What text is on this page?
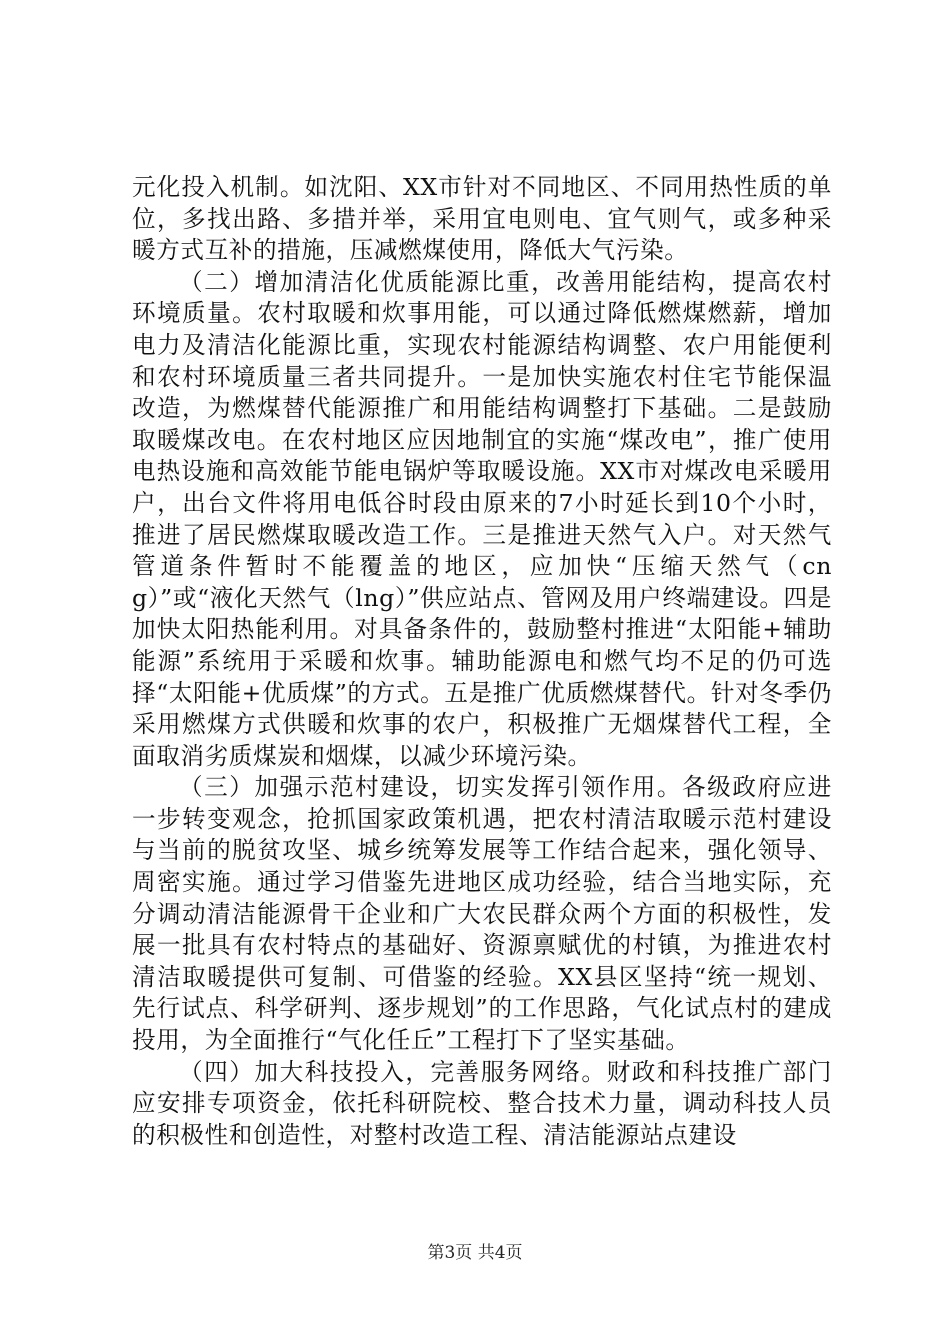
元化投入机制。如沈阳、XX市针对不同地区、不同用热性质的单位，多找出路、多措并举，采用宜电则电、宜气则气，或多种采暖方式互补的措施，压减燃煤使用，降低大气污染。

（二）增加清洁化优质能源比重，改善用能结构，提高农村环境质量。农村取暖和炊事用能，可以通过降低燃煤燃薪，增加电力及清洁化能源比重，实现农村能源结构调整、农户用能便利和农村环境质量三者共同提升。一是加快实施农村住宅节能保温改造，为燃煤替代能源推广和用能结构调整打下基础。二是鼓励取暖煤改电。在农村地区应因地制宜的实施“煤改电”，推广使用电热设施和高效能节能电锅炉等取暖设施。XX市对煤改电采暖用户，出台文件将用电低谷时段由原来的7小时延长到10个小时，推进了居民燃煤取暖改造工作。三是推进天然气入户。对天然气管道条件暂时不能覆盖的地区，应加快“压缩天然气（cng）”或“液化天然气（lng）”供应站点、管网及用户终端建设。四是加快太阳热能利用。对具备条件的，鼓励整村推进“太阳能+辅助能源”系统用于采暖和炊事。辅助能源电和燃气均不足的仍可选择“太阳能+优质煤”的方式。五是推广优质燃煤替代。针对冬季仍采用燃煤方式供暖和炊事的农户，积极推广无烟煤替代工程，全面取消劣质煤炭和烟煤，以减少环境污染。

（三）加强示范村建设，切实发挥引领作用。各级政府应进一步转变观念，抢抓国家政策机遇，把农村清洁取暖示范村建设与当前的脱贫攻坚、城乡统筹发展等工作结合起来，强化领导、周密实施。通过学习借鉴先进地区成功经验，结合当地实际，充分调动清洁能源骨干企业和广大农民群众两个方面的积极性，发展一批具有农村特点的基础好、资源禀赋优的村镇，为推进农村清洁取暖提供可复制、可借鉴的经验。XX县区坚持“统一规划、先行试点、科学研判、逐步规划”的工作思路，气化试点村的建成投用，为全面推行“气化任丘”工程打下了坚实基础。

（四）加大科技投入，完善服务网络。财政和科技推广部门应安排专项资金，依托科研院校、整合技术力量，调动科技人员的积极性和创造性，对整村改造工程、清洁能源站点建设

第3页 共4页
